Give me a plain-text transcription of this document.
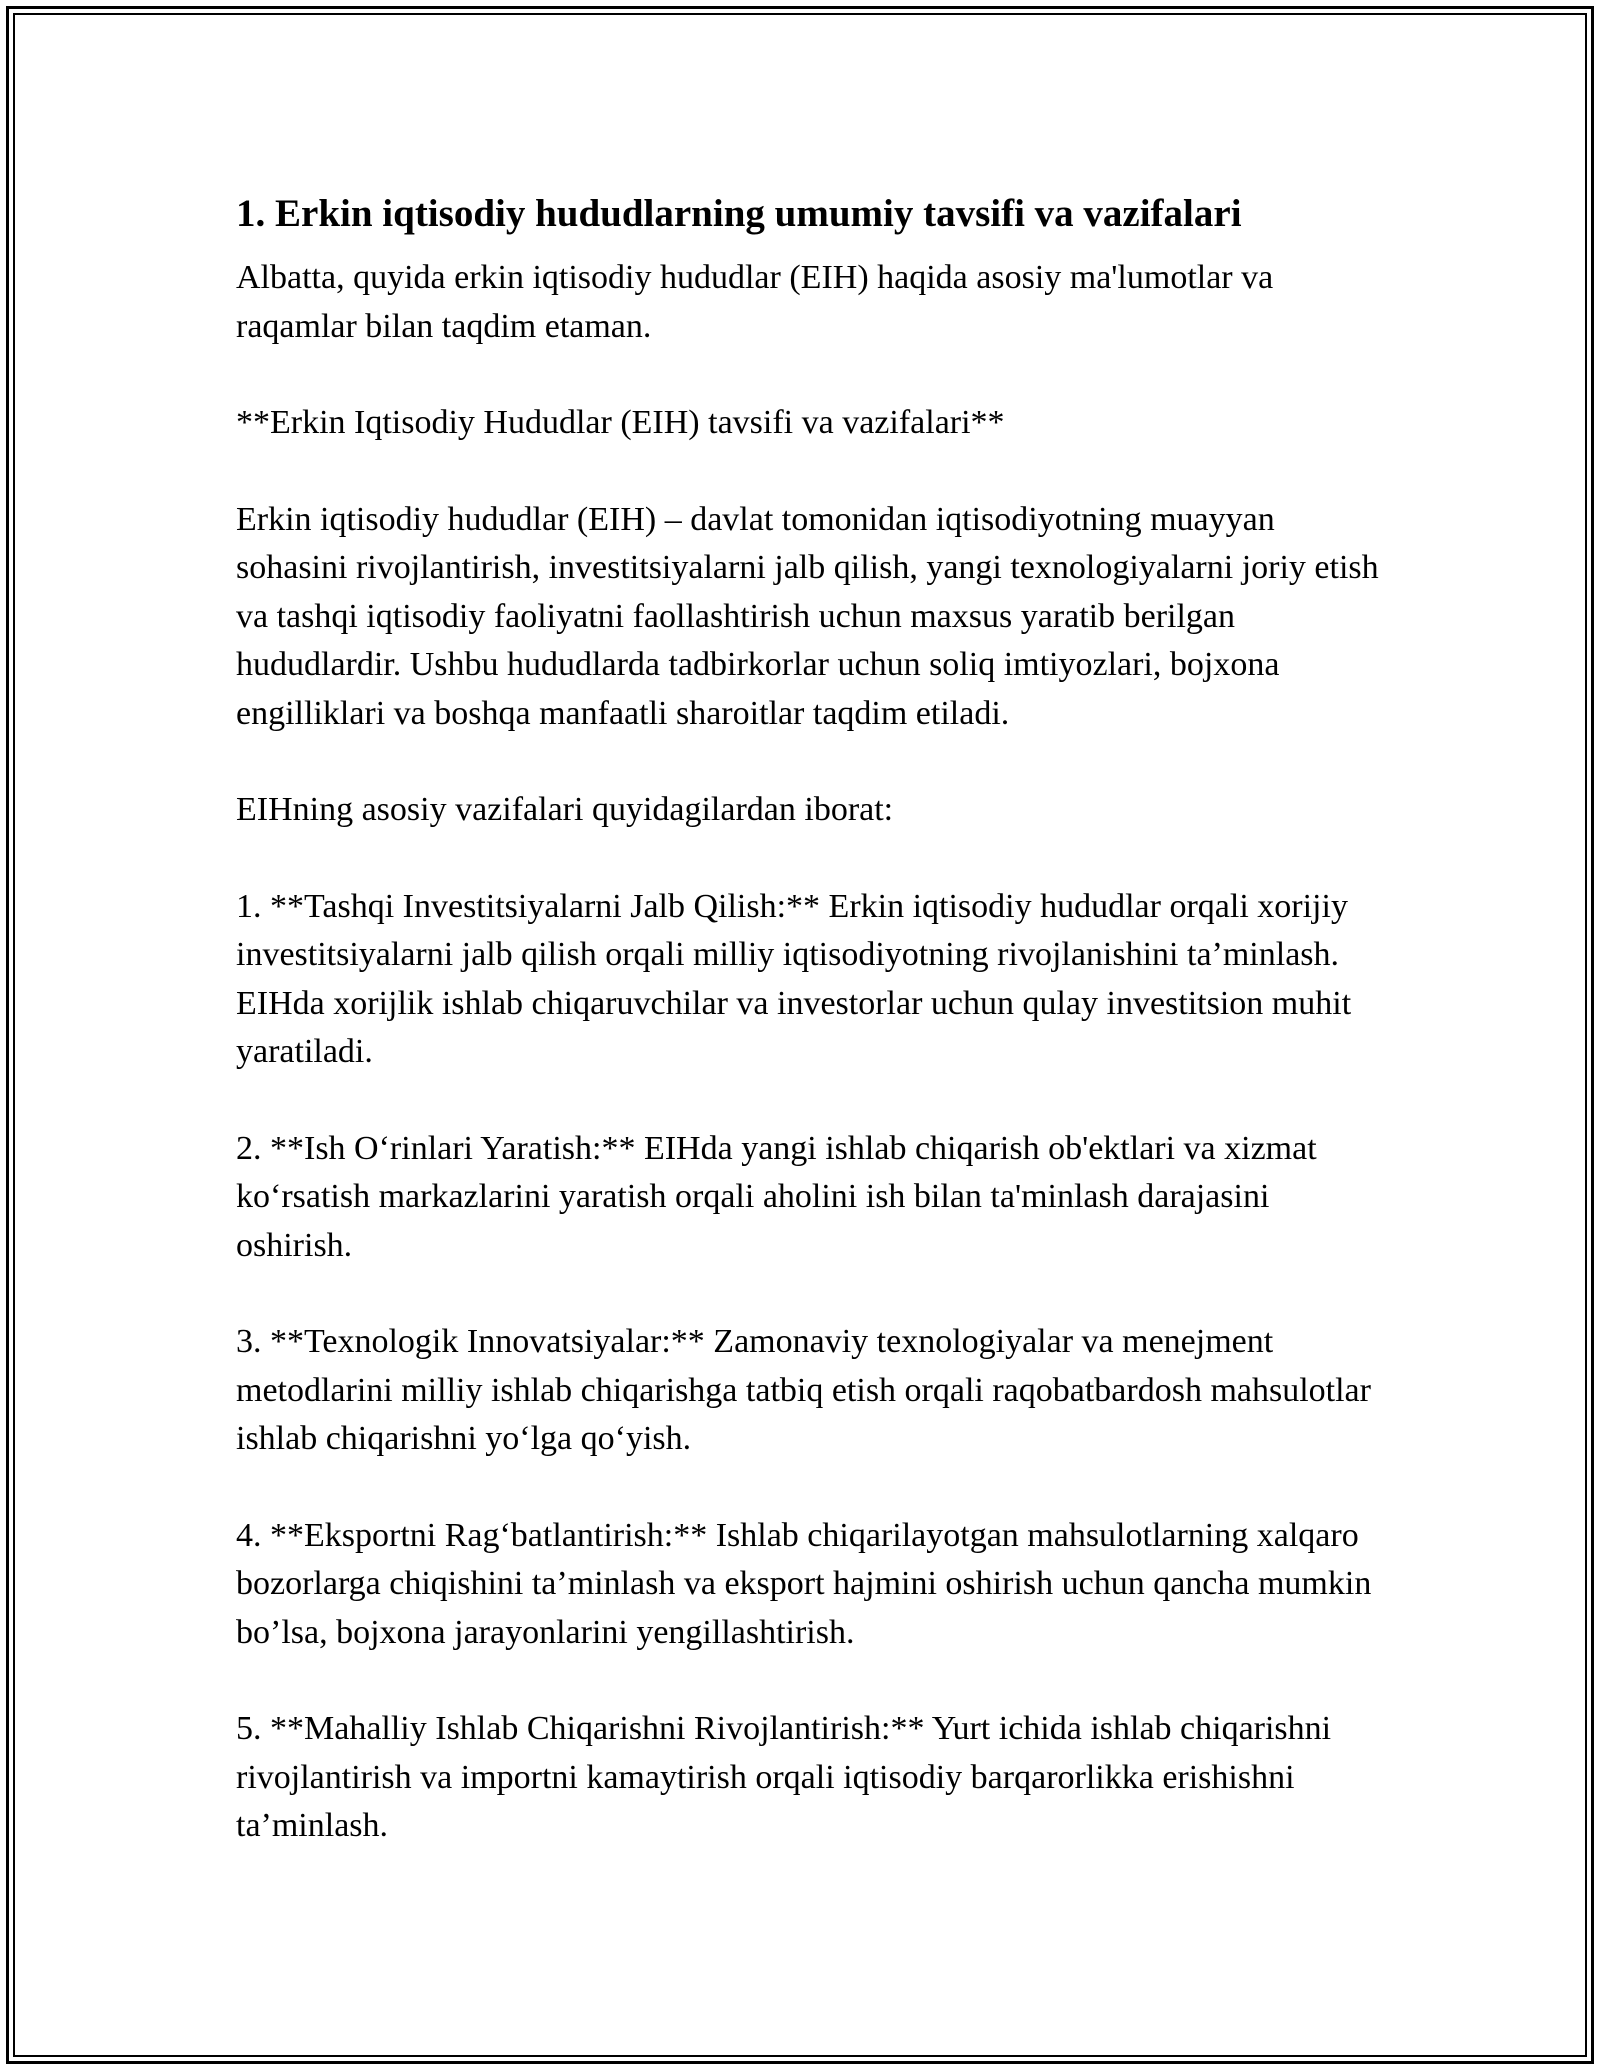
1. Erkin iqtisodiy hududlarning umumiy tavsifi va vazifalari

Albatta, quyida erkin iqtisodiy hududlar (EIH) haqida asosiy ma'lumotlar va raqamlar bilan taqdim etaman.

**Erkin Iqtisodiy Hududlar (EIH) tavsifi va vazifalari**

Erkin iqtisodiy hududlar (EIH) – davlat tomonidan iqtisodiyotning muayyan sohasini rivojlantirish, investitsiyalarni jalb qilish, yangi texnologiyalarni joriy etish va tashqi iqtisodiy faoliyatni faollashtirish uchun maxsus yaratib berilgan hududlardir. Ushbu hududlarda tadbirkorlar uchun soliq imtiyozlari, bojxona engilliklari va boshqa manfaatli sharoitlar taqdim etiladi.

EIHning asosiy vazifalari quyidagilardan iborat:

1. **Tashqi Investitsiyalarni Jalb Qilish:** Erkin iqtisodiy hududlar orqali xorijiy investitsiyalarni jalb qilish orqali milliy iqtisodiyotning rivojlanishini ta’minlash. EIHda xorijlik ishlab chiqaruvchilar va investorlar uchun qulay investitsion muhit yaratiladi.

2. **Ish O‘rinlari Yaratish:** EIHda yangi ishlab chiqarish ob'ektlari va xizmat ko‘rsatish markazlarini yaratish orqali aholini ish bilan ta'minlash darajasini oshirish.

3. **Texnologik Innovatsiyalar:** Zamonaviy texnologiyalar va menejment metodlarini milliy ishlab chiqarishga tatbiq etish orqali raqobatbardosh mahsulotlar ishlab chiqarishni yo‘lga qo‘yish.

4. **Eksportni Rag‘batlantirish:** Ishlab chiqarilayotgan mahsulotlarning xalqaro bozorlarga chiqishini ta’minlash va eksport hajmini oshirish uchun qancha mumkin bo’lsa, bojxona jarayonlarini yengillashtirish.

5. **Mahalliy Ishlab Chiqarishni Rivojlantirish:** Yurt ichida ishlab chiqarishni rivojlantirish va importni kamaytirish orqali iqtisodiy barqarorlikka erishishni ta’minlash.
